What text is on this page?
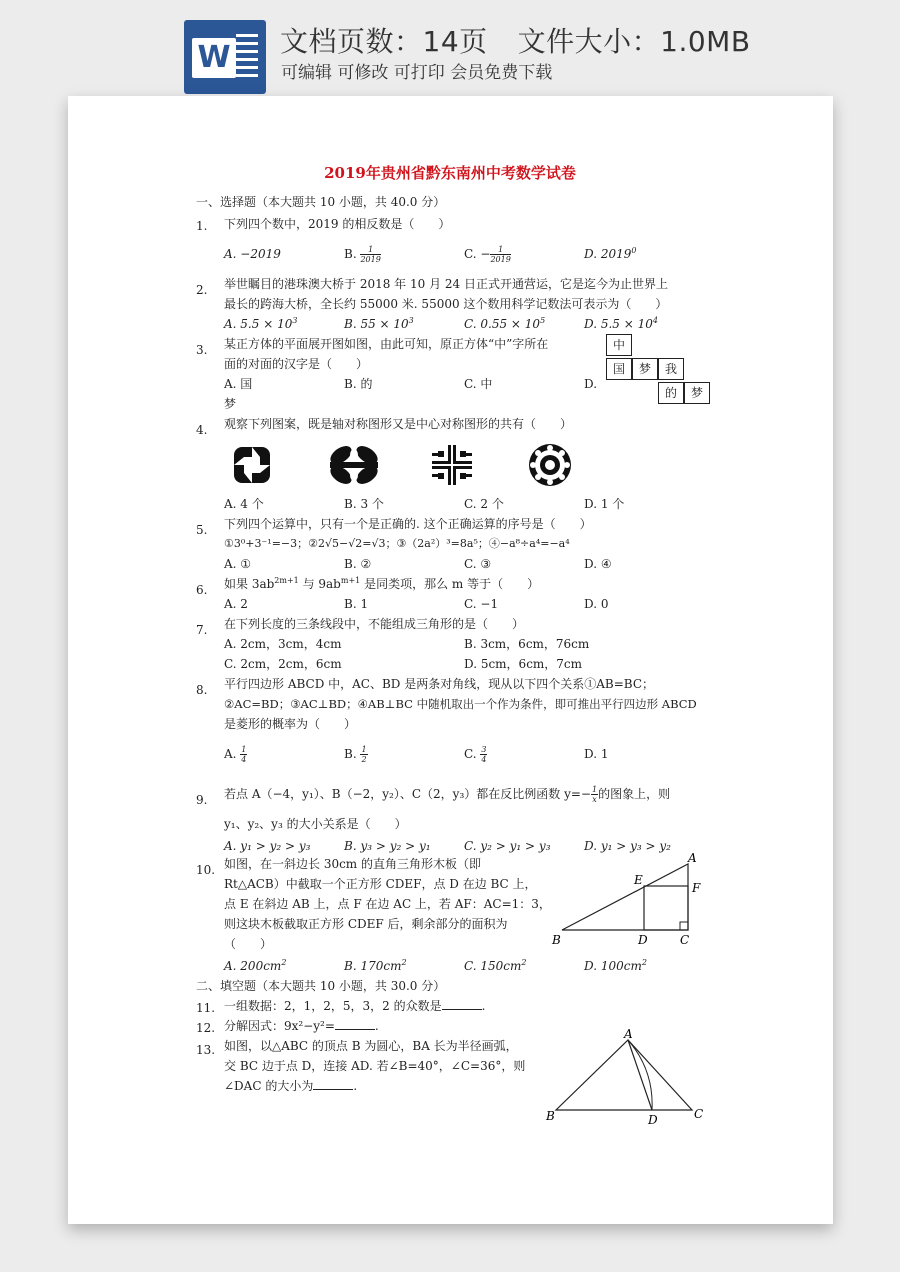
W 文档页数：14页 文件大小：1.0MB
可编辑 可修改 可打印 会员免费下载
2019年贵州省黔东南州中考数学试卷
一、选择题（本大题共 10 小题，共 40.0 分）
1. 下列四个数中，2019 的相反数是（　　）
A. −2019	B. $\frac{1}{2019}$	C. − $\frac{1}{2019}$	D. 2019$^0$
2. 举世瞩目的港珠澳大桥于 2018 年 10 月 24 日正式开通营运，它是迄今为止世界上
最长的跨海大桥，全长约 55000 米. 55000 这个数用科学记数法可表示为（　　）
A. $5.5 \times 10^3$	B. $55 \times 10^3$	C. $0.55 \times 10^5$	D. $5.5 \times 10^4$
3. 某正方体的平面展开图如图，由此可知，原正方体“中”字所在
面的对面的汉字是（　　）
A. 国	B. 的	C. 中	D.
梦
中
国	梦	我
的	梦
4. 观察下列图案，既是轴对称图形又是中心对称图形的共有（　　）
A. 4 个	B. 3 个	C. 2 个	D. 1 个
5. 下列四个运算中，只有一个是正确的. 这个正确运算的序号是（　　）
①3⁰+3⁻¹=−3；②2√5−√2=√3；③（2a²）³=8a⁵；④−a⁸÷a⁴=−a⁴
A. ①	B. ②	C. ③	D. ④
6. 如果 $3ab^{2m+1}$ 与 $9ab^{m+1}$ 是同类项，那么 m 等于（　　）
A. 2	B. 1	C. −1	D. 0
7. 在下列长度的三条线段中，不能组成三角形的是（　　）
A. 2cm，3cm，4cm	B. 3cm，6cm，76cm
C. 2cm，2cm，6cm	D. 5cm，6cm，7cm
8. 平行四边形 ABCD 中，AC、BD 是两条对角线，现从以下四个关系①AB=BC；
②AC=BD；③AC⊥BD；④AB⊥BC 中随机取出一个作为条件，即可推出平行四边形 ABCD
是菱形的概率为（　　）
A. $\frac{1}{4}$	B. $\frac{1}{2}$	C. $\frac{3}{4}$	D. 1
9. 若点 A（−4，y₁）、B（−2，y₂）、C（2，y₃）都在反比例函数 $y=- \frac{1}{x}$ 的图象上，则
y₁、y₂、y₃ 的大小关系是（　　）
A. y₁ > y₂ > y₃	B. y₃ > y₂ > y₁	C. y₂ > y₁ > y₃	D. y₁ > y₃ > y₂
10. 如图，在一斜边长 30cm 的直角三角形木板（即
Rt△ACB）中截取一个正方形 CDEF，点 D 在边 BC 上，
点 E 在斜边 AB 上，点 F 在边 AC 上，若 AF：AC=1：3，
则这块木板截取正方形 CDEF 后，剩余部分的面积为
（　　）
A
E
F
B	D	C
A. $200cm^2$	B. $170cm^2$	C. $150cm^2$	D. $100cm^2$
二、填空题（本大题共 10 小题，共 30.0 分）
11. 一组数据：2，1，2，5，3，2 的众数是	.
12. 分解因式：9x²−y²=	.
13. 如图，以△ABC 的顶点 B 为圆心，BA 长为半径画弧，
交 BC 边于点 D，连接 AD. 若∠B=40°，∠C=36°，则
∠DAC 的大小为	.
A
B	D	C
